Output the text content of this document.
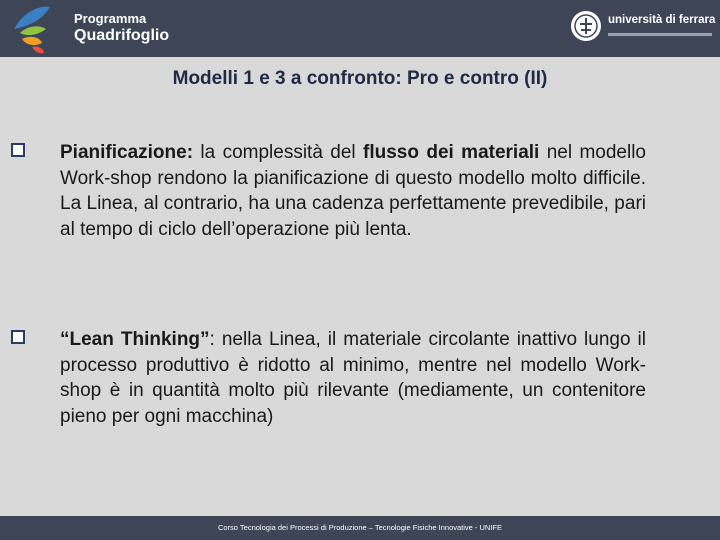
Programma
Quadrifoglio
università di ferrara
Modelli 1 e 3 a confronto: Pro e contro (II)
Pianificazione: la complessità del flusso dei materiali nel modello Work-shop rendono la pianificazione di questo modello molto difficile. La Linea, al contrario, ha una cadenza perfettamente prevedibile, pari al tempo di ciclo dell’operazione più lenta.
“Lean Thinking”: nella Linea, il materiale circolante inattivo lungo il processo produttivo è ridotto al minimo, mentre nel modello Work-shop è in quantità molto più rilevante (mediamente, un contenitore pieno per ogni macchina)
Corso Tecnologia dei Processi di Produzione – Tecnologie Fisiche Innovative - UNIFE
